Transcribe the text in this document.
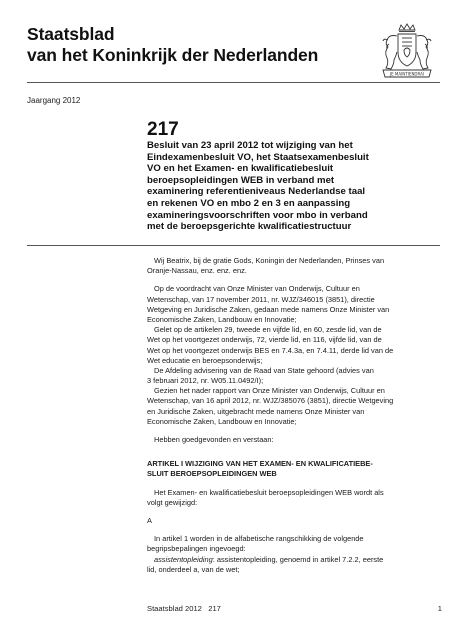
Staatsblad
van het Koninkrijk der Nederlanden
JE MAINTIENDRAI
Jaargang 2012
217
Besluit van 23 april 2012 tot wijziging van het
Eindexamenbesluit VO, het Staatsexamenbesluit
VO en het Examen- en kwalificatiebesluit
beroepsopleidingen WEB in verband met
examinering referentieniveaus Nederlandse taal
en rekenen VO en mbo 2 en 3 en aanpassing
examineringsvoorschriften voor mbo in verband
met de beroepsgerichte kwalificatiestructuur
Wij Beatrix, bij de gratie Gods, Koningin der Nederlanden, Prinses van
Oranje-Nassau, enz. enz. enz.
Op de voordracht van Onze Minister van Onderwijs, Cultuur en
Wetenschap, van 17 november 2011, nr. WJZ/346015 (3851), directie
Wetgeving en Juridische Zaken, gedaan mede namens Onze Minister van
Economische Zaken, Landbouw en Innovatie;
Gelet op de artikelen 29, tweede en vijfde lid, en 60, zesde lid, van de
Wet op het voortgezet onderwijs, 72, vierde lid, en 116, vijfde lid, van de
Wet op het voortgezet onderwijs BES en 7.4.3a, en 7.4.11, derde lid van de
Wet educatie en beroepsonderwijs;
De Afdeling advisering van de Raad van State gehoord (advies van
3 februari 2012, nr. W05.11.0492/I);
Gezien het nader rapport van Onze Minister van Onderwijs, Cultuur en
Wetenschap, van 16 april 2012, nr. WJZ/385076 (3851), directie Wetgeving
en Juridische Zaken, uitgebracht mede namens Onze Minister van
Economische Zaken, Landbouw en Innovatie;
Hebben goedgevonden en verstaan:
ARTIKEL I WIJZIGING VAN HET EXAMEN- EN KWALIFICATIEBE-
SLUIT BEROEPSOPLEIDINGEN WEB
Het Examen- en kwalificatiebesluit beroepsopleidingen WEB wordt als
volgt gewijzigd:
A
In artikel 1 worden in de alfabetische rangschikking de volgende
begripsbepalingen ingevoegd:
assistentopleiding: assistentopleiding, genoemd in artikel 7.2.2, eerste
lid, onderdeel a, van de wet;
Staatsblad 2012 217	1
